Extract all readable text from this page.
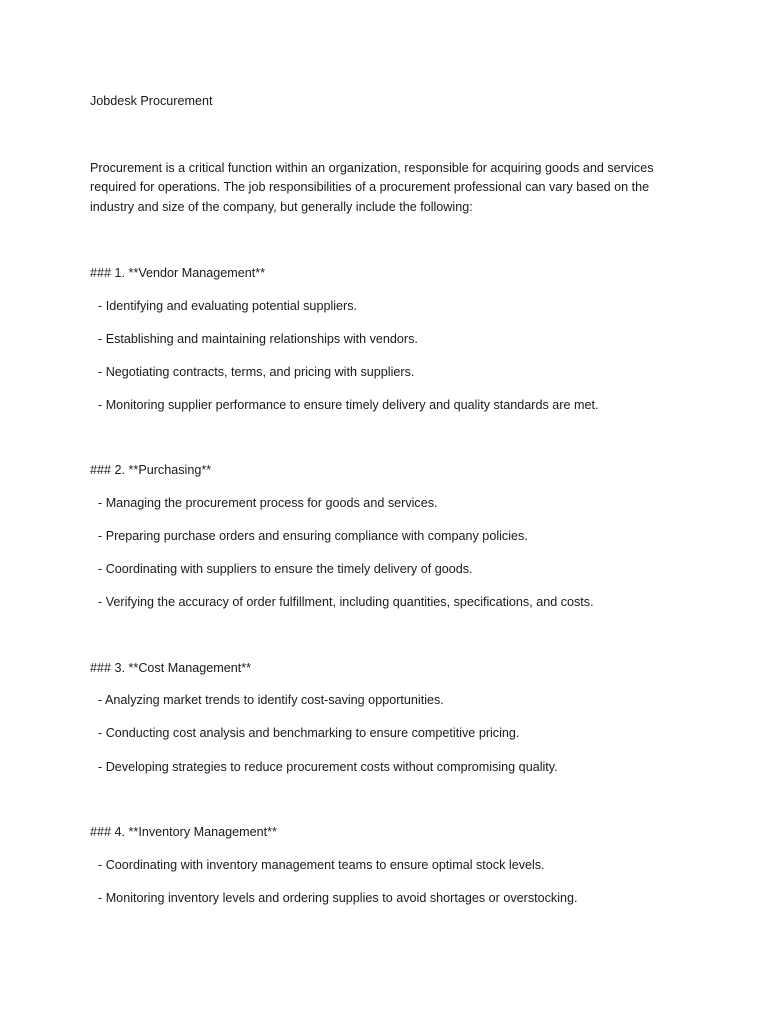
Jobdesk Procurement

Procurement is a critical function within an organization, responsible for acquiring goods and services
required for operations. The job responsibilities of a procurement professional can vary based on the
industry and size of the company, but generally include the following:

### 1. **Vendor Management**

- Identifying and evaluating potential suppliers.

- Establishing and maintaining relationships with vendors.

- Negotiating contracts, terms, and pricing with suppliers.

- Monitoring supplier performance to ensure timely delivery and quality standards are met.

### 2. **Purchasing**

- Managing the procurement process for goods and services.

- Preparing purchase orders and ensuring compliance with company policies.

- Coordinating with suppliers to ensure the timely delivery of goods.

- Verifying the accuracy of order fulfillment, including quantities, specifications, and costs.

### 3. **Cost Management**

- Analyzing market trends to identify cost-saving opportunities.

- Conducting cost analysis and benchmarking to ensure competitive pricing.

- Developing strategies to reduce procurement costs without compromising quality.

### 4. **Inventory Management**

- Coordinating with inventory management teams to ensure optimal stock levels.

- Monitoring inventory levels and ordering supplies to avoid shortages or overstocking.
